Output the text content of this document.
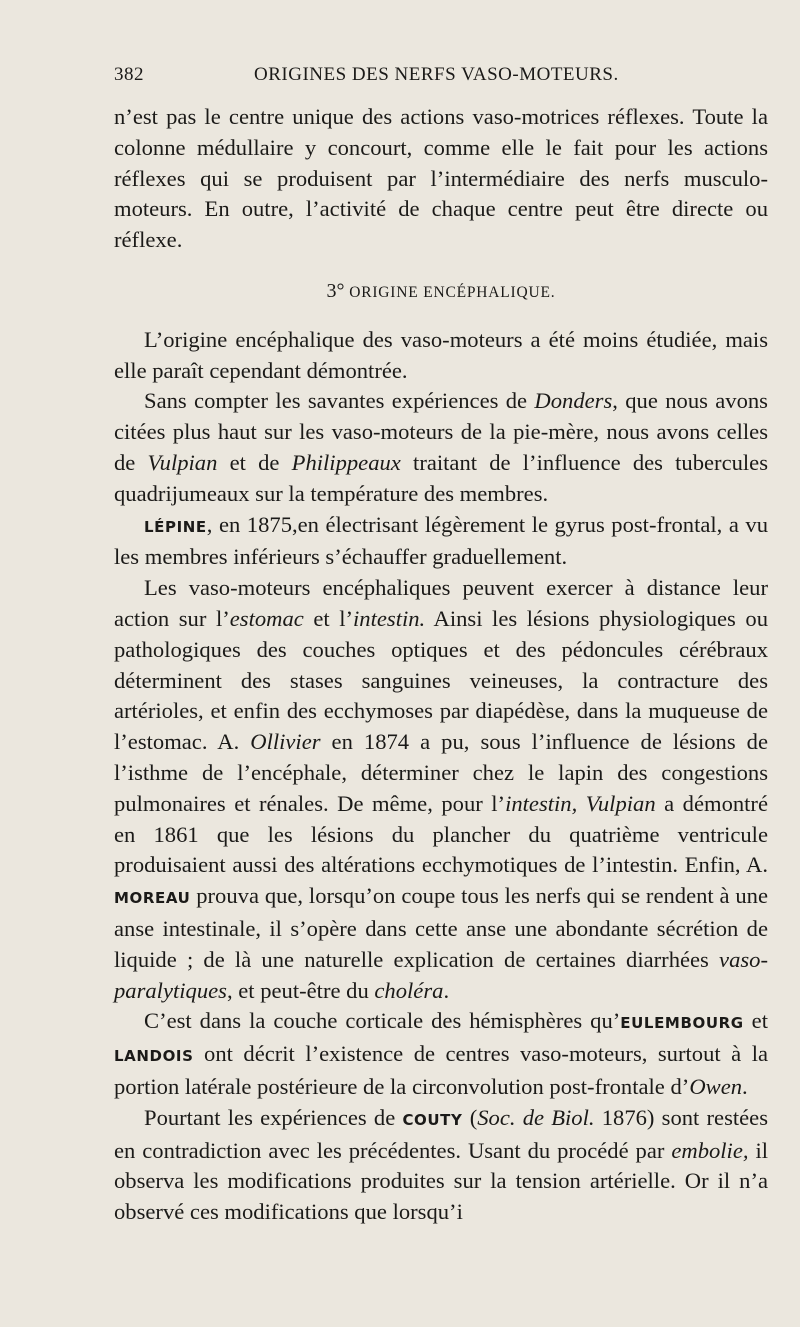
382	ORIGINES DES NERFS VASO-MOTEURS.

n’est pas le centre unique des actions vaso-motrices réflexes. Toute la colonne médullaire y concourt, comme elle le fait pour les actions réflexes qui se produisent par l’intermédiaire des nerfs musculo-moteurs. En outre, l’activité de chaque centre peut être directe ou réflexe.

3° ORIGINE ENCÉPHALIQUE.

L’origine encéphalique des vaso-moteurs a été moins étudiée, mais elle paraît cependant démontrée.

Sans compter les savantes expériences de Donders, que nous avons citées plus haut sur les vaso-moteurs de la pie-mère, nous avons celles de Vulpian et de Philippeaux traitant de l’influence des tubercules quadrijumeaux sur la température des membres.

LÉPINE, en 1875,en électrisant légèrement le gyrus post-frontal, a vu les membres inférieurs s’échauffer graduellement.

Les vaso-moteurs encéphaliques peuvent exercer à distance leur action sur l’estomac et l’intestin. Ainsi les lésions physiologiques ou pathologiques des couches optiques et des pédoncules cérébraux déterminent des stases sanguines veineuses, la contracture des artérioles, et enfin des ecchymoses par diapédèse, dans la muqueuse de l’estomac. A. Ollivier en 1874 a pu, sous l’influence de lésions de l’isthme de l’encéphale, déterminer chez le lapin des congestions pulmonaires et rénales. De même, pour l’intestin, Vulpian a démontré en 1861 que les lésions du plancher du quatrième ventricule produisaient aussi des altérations ecchymotiques de l’intestin. Enfin, A. MOREAU prouva que, lorsqu’on coupe tous les nerfs qui se rendent à une anse intestinale, il s’opère dans cette anse une abondante sécrétion de liquide ; de là une naturelle explication de certaines diarrhées vaso-paralytiques, et peut-être du choléra.

C’est dans la couche corticale des hémisphères qu’EULEMBOURG et LANDOIS ont décrit l’existence de centres vaso-moteurs, surtout à la portion latérale postérieure de la circonvolution post-frontale d’Owen.

Pourtant les expériences de COUTY (Soc. de Biol. 1876) sont restées en contradiction avec les précédentes. Usant du procédé par embolie, il observa les modifications produites sur la tension artérielle. Or il n’a observé ces modifications que lorsqu’i
